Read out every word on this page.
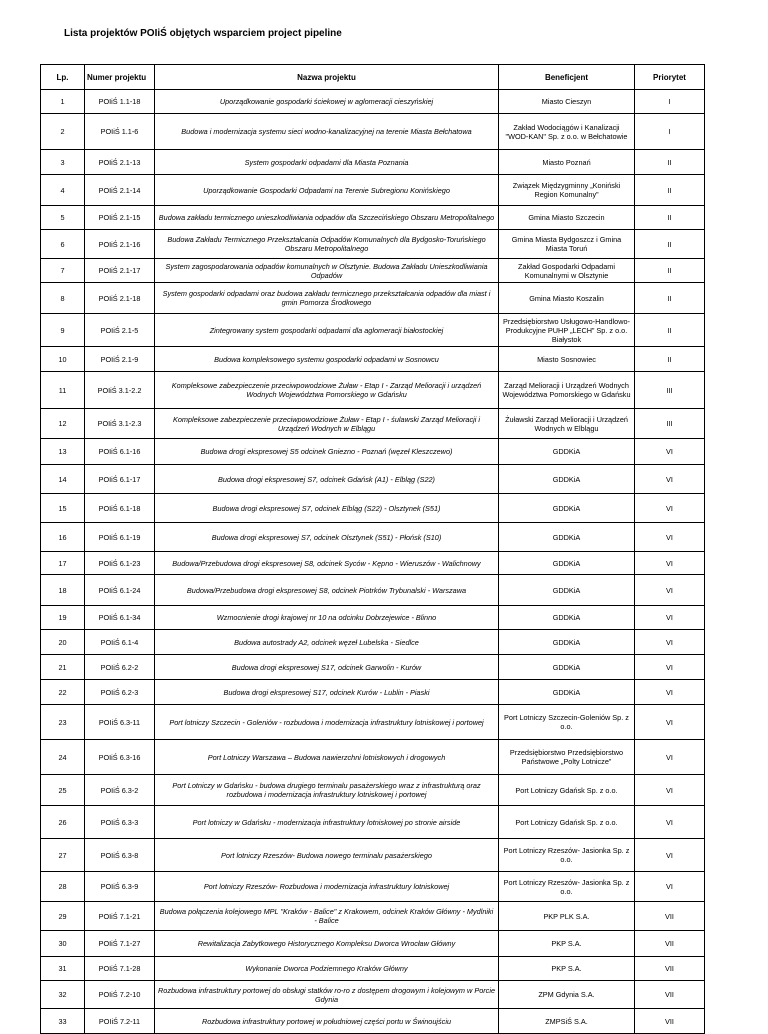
Lista projektów POIiŚ objętych wsparciem project pipeline
Lp.	Numer projektu	Nazwa projektu	Beneficjent	Priorytet
1	POIiŚ 1.1-18	Uporządkowanie gospodarki ściekowej w aglomeracji cieszyńskiej	Miasto Cieszyn	I
2	POIiŚ 1.1-6	Budowa i modernizacja systemu sieci wodno-kanalizacyjnej na terenie Miasta Bełchatowa	Zakład Wodociągów i Kanalizacji "WOD-KAN" Sp. z o.o. w Bełchatowie	I
3	POIiŚ 2.1-13	System gospodarki odpadami dla Miasta Poznania	Miasto Poznań	II
4	POIiŚ 2.1-14	Uporządkowanie Gospodarki Odpadami na Terenie Subregionu Konińskiego	Związek Międzygminny „Koniński Region Komunalny”	II
5	POIiŚ 2.1-15	Budowa zakładu termicznego unieszkodliwiania odpadów dla Szczecińskiego Obszaru Metropolitalnego	Gmina Miasto Szczecin	II
6	POIiŚ 2.1-16	Budowa Zakładu Termicznego Przekształcania Odpadów Komunalnych dla Bydgosko-Toruńskiego Obszaru Metropolitalnego	Gmina Miasta Bydgoszcz i Gmina Miasta Toruń	II
7	POIiŚ 2.1-17	System zagospodarowania odpadów komunalnych w Olsztynie. Budowa Zakładu Unieszkodliwiania Odpadów	Zakład Gospodarki Odpadami Komunalnymi w Olsztynie	II
8	POIiŚ 2.1-18	System gospodarki odpadami oraz budowa zakładu termicznego przekształcania odpadów dla miast i gmin Pomorza Środkowego	Gmina Miasto Koszalin	II
9	POIiŚ 2.1-5	Zintegrowany system gospodarki odpadami dla aglomeracji białostockiej	Przedsiębiorstwo Usługowo-Handlowo-Produkcyjne PUHP „LECH” Sp. z o.o. Białystok	II
10	POIiŚ 2.1-9	Budowa kompleksowego systemu gospodarki odpadami w Sosnowcu	Miasto Sosnowiec	II
11	POIiŚ 3.1-2.2	Kompleksowe zabezpieczenie przeciwpowodziowe Żuław - Etap I - Zarząd Melioracji i urządzeń Wodnych Województwa Pomorskiego w Gdańsku	Zarząd Melioracji i Urządzeń Wodnych Województwa Pomorskiego w Gdańsku	III
12	POIiŚ 3.1-2.3	Kompleksowe zabezpieczenie przeciwpowodziowe Żuław - Etap I - śulawski Zarząd Melioracji i Urządzeń Wodnych w Elblągu	Żuławski Zarząd Melioracji i Urządzeń Wodnych w Elblągu	III
13	POIiŚ 6.1-16	Budowa drogi ekspresowej S5 odcinek Gniezno - Poznań (węzeł Kleszczewo)	GDDKiA	VI
14	POIiŚ 6.1-17	Budowa drogi ekspresowej S7, odcinek Gdańsk (A1) - Elbląg (S22)	GDDKiA	VI
15	POIiŚ 6.1-18	Budowa drogi ekspresowej S7, odcinek Elbląg (S22) - Olsztynek (S51)	GDDKiA	VI
16	POIiŚ 6.1-19	Budowa drogi ekspresowej S7, odcinek Olsztynek (S51) - Płońsk (S10)	GDDKiA	VI
17	POIiŚ 6.1-23	Budowa/Przebudowa drogi ekspresowej S8, odcinek Syców - Kępno - Wieruszów - Walichnowy	GDDKiA	VI
18	POIiŚ 6.1-24	Budowa/Przebudowa drogi ekspresowej S8, odcinek Piotrków Trybunalski - Warszawa	GDDKiA	VI
19	POIiŚ 6.1-34	Wzmocnienie drogi krajowej nr 10 na odcinku Dobrzejewice - Blinno	GDDKiA	VI
20	POIiŚ 6.1-4	Budowa autostrady A2, odcinek węzeł Lubelska - Siedlce	GDDKiA	VI
21	POIiŚ 6.2-2	Budowa drogi ekspresowej S17, odcinek Garwolin - Kurów	GDDKiA	VI
22	POIiŚ 6.2-3	Budowa drogi ekspresowej S17, odcinek Kurów - Lublin - Piaski	GDDKiA	VI
23	POIiŚ 6.3-11	Port lotniczy Szczecin - Goleniów - rozbudowa i modernizacja infrastruktury lotniskowej i portowej	Port Lotniczy Szczecin-Goleniów Sp. z o.o.	VI
24	POIiŚ 6.3-16	Port Lotniczy Warszawa – Budowa nawierzchni lotniskowych i drogowych	Przedsiębiorstwo Przedsiębiorstwo Państwowe „Polty Lotnicze”	VI
25	POIiŚ 6.3-2	Port Lotniczy w Gdańsku - budowa drugiego terminalu pasażerskiego wraz z infrastrukturą oraz rozbudowa i modernizacja infrastruktury lotniskowej i portowej	Port Lotniczy Gdańsk Sp. z o.o.	VI
26	POIiŚ 6.3-3	Port lotniczy w Gdańsku - modernizacja infrastruktury lotniskowej po stronie airside	Port Lotniczy Gdańsk Sp. z o.o.	VI
27	POIiŚ 6.3-8	Port lotniczy Rzeszów- Budowa nowego terminalu pasażerskiego	Port Lotniczy Rzeszów- Jasionka Sp. z o.o.	VI
28	POIiŚ 6.3-9	Port lotniczy Rzeszów- Rozbudowa i modernizacja infrastruktury lotniskowej	Port Lotniczy Rzeszów- Jasionka Sp. z o.o.	VI
29	POIiŚ 7.1-21	Budowa połączenia kolejowego MPL "Kraków - Balice" z Krakowem, odcinek Kraków Główny - Mydlniki - Balice	PKP PLK S.A.	VII
30	POIiŚ 7.1-27	Rewitalizacja Zabytkowego Historycznego Kompleksu Dworca Wrocław Główny	PKP S.A.	VII
31	POIiŚ 7.1-28	Wykonanie Dworca Podziemnego Kraków Główny	PKP S.A.	VII
32	POIiŚ 7.2-10	Rozbudowa infrastruktury portowej do obsługi statków ro-ro z dostępem drogowym i kolejowym w Porcie Gdynia	ZPM Gdynia S.A.	VII
33	POIiŚ 7.2-11	Rozbudowa infrastruktury portowej w południowej części portu w Świnoujściu	ZMPSiŚ S.A.	VII
